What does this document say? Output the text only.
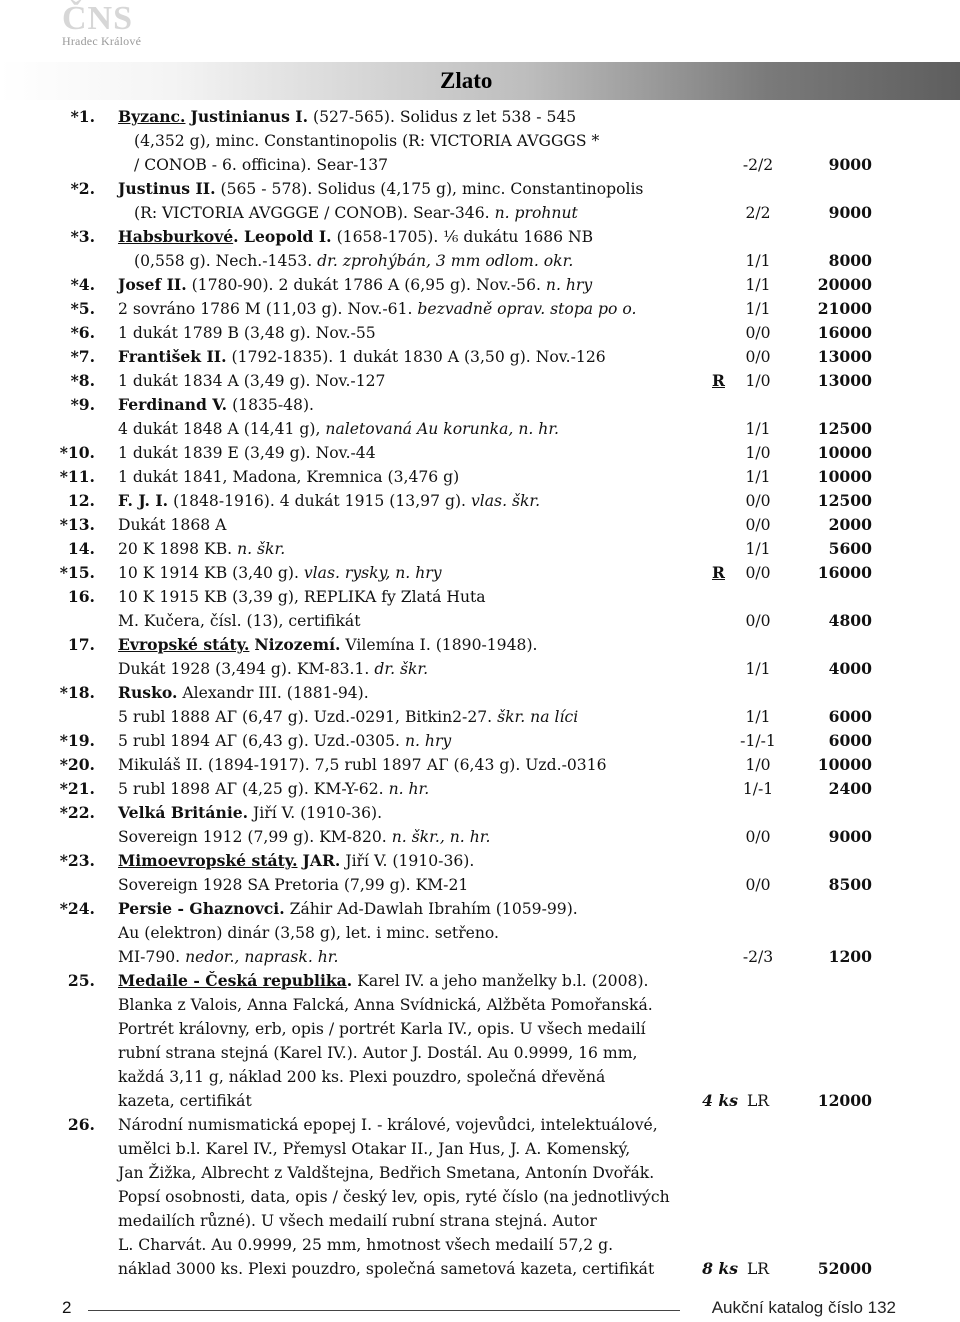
ČNS
Hradec Králové
Zlato
*1. Byzanc. Justinianus I. (527-565). Solidus z let 538 - 545
(4,352 g), minc. Constantinopolis (R: VICTORIA AVGGGS *
/ CONOB - 6. officina). Sear-137	-2/2	9000
*2. Justinus II. (565 - 578). Solidus (4,175 g), minc. Constantinopolis
(R: VICTORIA AVGGGE / CONOB). Sear-346. n. prohnut	2/2	9000
*3. Habsburkové. Leopold I. (1658-1705). ⅙ dukátu 1686 NB
(0,558 g). Nech.-1453. dr. zprohýbán, 3 mm odlom. okr.	1/1	8000
*4. Josef II. (1780-90). 2 dukát 1786 A (6,95 g). Nov.-56. n. hry	1/1	20000
*5. 2 sovráno 1786 M (11,03 g). Nov.-61. bezvadně oprav. stopa po o.	1/1	21000
*6. 1 dukát 1789 B (3,48 g). Nov.-55	0/0	16000
*7. František II. (1792-1835). 1 dukát 1830 A (3,50 g). Nov.-126	0/0	13000
*8. 1 dukát 1834 A (3,49 g). Nov.-127	R	1/0	13000
*9. Ferdinand V. (1835-48).
4 dukát 1848 A (14,41 g), naletovaná Au korunka, n. hr.	1/1	12500
*10. 1 dukát 1839 E (3,49 g). Nov.-44	1/0	10000
*11. 1 dukát 1841, Madona, Kremnica (3,476 g)	1/1	10000
12. F. J. I. (1848-1916). 4 dukát 1915 (13,97 g). vlas. škr.	0/0	12500
*13. Dukát 1868 A	0/0	2000
14. 20 K 1898 KB. n. škr.	1/1	5600
*15. 10 K 1914 KB (3,40 g). vlas. rysky, n. hry	R	0/0	16000
16. 10 K 1915 KB (3,39 g), REPLIKA fy Zlatá Huta
M. Kučera, čísl. (13), certifikát	0/0	4800
17. Evropské státy. Nizozemí. Vilemína I. (1890-1948).
Dukát 1928 (3,494 g). KM-83.1. dr. škr.	1/1	4000
*18. Rusko. Alexandr III. (1881-94).
5 rubl 1888 АГ (6,47 g). Uzd.-0291, Bitkin2-27. škr. na líci	1/1	6000
*19. 5 rubl 1894 АГ (6,43 g). Uzd.-0305. n. hry	-1/-1	6000
*20. Mikuláš II. (1894-1917). 7,5 rubl 1897 АГ (6,43 g). Uzd.-0316	1/0	10000
*21. 5 rubl 1898 АГ (4,25 g). KM-Y-62. n. hr.	1/-1	2400
*22. Velká Británie. Jiří V. (1910-36).
Sovereign 1912 (7,99 g). KM-820. n. škr., n. hr.	0/0	9000
*23. Mimoevropské státy. JAR. Jiří V. (1910-36).
Sovereign 1928 SA Pretoria (7,99 g). KM-21	0/0	8500
*24. Persie - Ghaznovci. Záhir Ad-Dawlah Ibrahím (1059-99).
Au (elektron) dinár (3,58 g), let. i minc. setřeno.
MI-790. nedor., naprask. hr.	-2/3	1200
25. Medaile - Česká republika. Karel IV. a jeho manželky b.l. (2008).
Blanka z Valois, Anna Falcká, Anna Svídnická, Alžběta Pomořanská.
Portrét královny, erb, opis / portrét Karla IV., opis. U všech medailí
rubní strana stejná (Karel IV.). Autor J. Dostál. Au 0.9999, 16 mm,
každá 3,11 g, náklad 200 ks. Plexi pouzdro, společná dřevěná
kazeta, certifikát	4 ks LR	12000
26. Národní numismatická epopej I. - králové, vojevůdci, intelektuálové,
umělci b.l. Karel IV., Přemysl Otakar II., Jan Hus, J. A. Komenský,
Jan Žižka, Albrecht z Valdštejna, Bedřich Smetana, Antonín Dvořák.
Popsí osobnosti, data, opis / český lev, opis, ryté číslo (na jednotlivých
medailích různé). U všech medailí rubní strana stejná. Autor
L. Charvát. Au 0.9999, 25 mm, hmotnost všech medailí 57,2 g.
náklad 3000 ks. Plexi pouzdro, společná sametová kazeta, certifikát	8 ks LR	52000
2	Aukční katalog číslo 132
